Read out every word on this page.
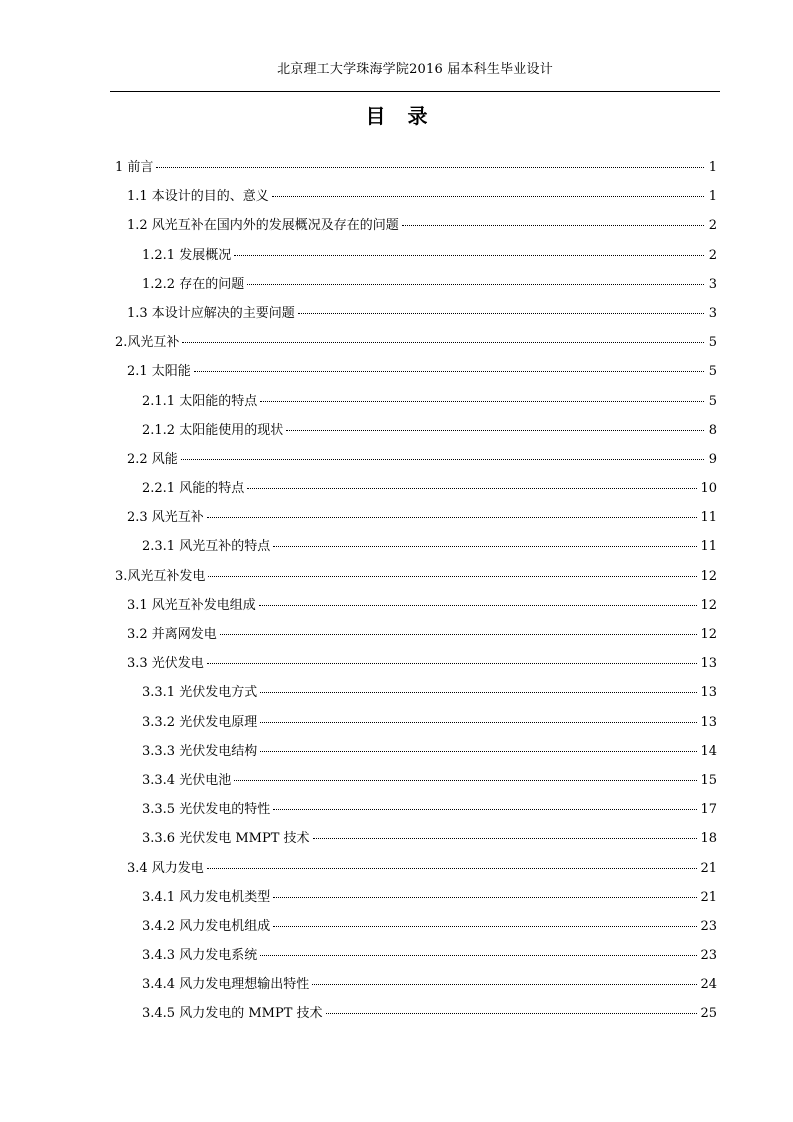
北京理工大学珠海学院2016 届本科生毕业设计
目录
1 前言	1
1.1 本设计的目的、意义	1
1.2 风光互补在国内外的发展概况及存在的问题	2
1.2.1 发展概况	2
1.2.2 存在的问题	3
1.3 本设计应解决的主要问题	3
2.风光互补	5
2.1 太阳能	5
2.1.1 太阳能的特点	5
2.1.2 太阳能使用的现状	8
2.2 风能	9
2.2.1 风能的特点	10
2.3 风光互补	11
2.3.1 风光互补的特点	11
3.风光互补发电	12
3.1 风光互补发电组成	12
3.2 并离网发电	12
3.3 光伏发电	13
3.3.1 光伏发电方式	13
3.3.2 光伏发电原理	13
3.3.3 光伏发电结构	14
3.3.4 光伏电池	15
3.3.5 光伏发电的特性	17
3.3.6 光伏发电 MMPT 技术	18
3.4 风力发电	21
3.4.1 风力发电机类型	21
3.4.2 风力发电机组成	23
3.4.3 风力发电系统	23
3.4.4 风力发电理想输出特性	24
3.4.5 风力发电的 MMPT 技术	25
